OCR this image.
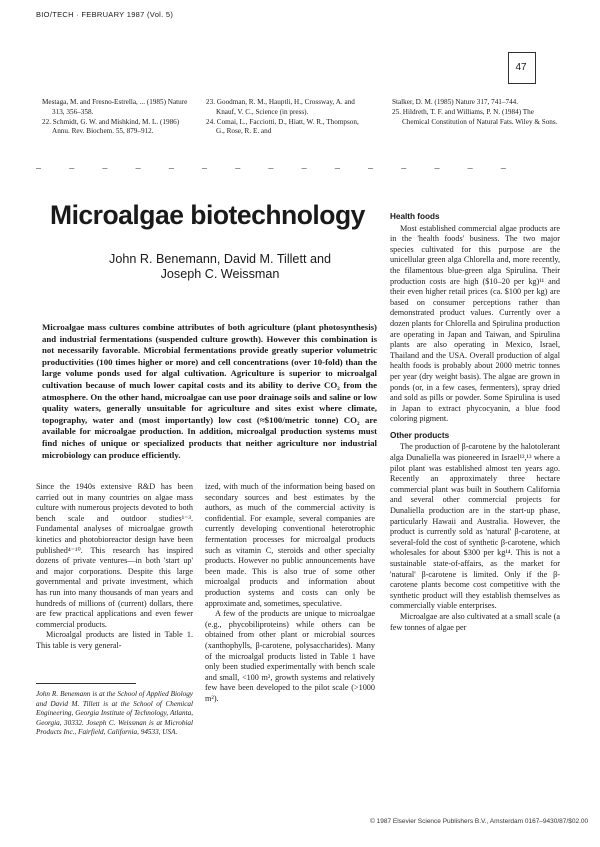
BIO/TECH · FEBRUARY 1987 (Vol. 5)
47
Mestaga, M. and Fresno-Estrella, ... (1985) Nature 313, 356–358.
22. Schmidt, G. W. and Mishkind, M. L. (1986) Annu. Rev. Biochem. 55, 879–912.
23. Goodman, R. M., Hauptli, H., Crossway, A. and Knauf, V. C., Science (in press).
24. Comai, L., Facciotti, D., Hiatt, W. R., Thompson, G., Rose, R. E. and
Stalker, D. M. (1985) Nature 317, 741–744.
25. Hildreth, T. F. and Williams, P. N. (1984) The Chemical Constitution of Natural Fats. Wiley & Sons.
–	–	–	–	–	–	–	–	–	–	–	–	–	–	–
Microalgae biotechnology
John R. Benemann, David M. Tillett and
Joseph C. Weissman
Microalgae mass cultures combine attributes of both agriculture (plant photosynthesis) and industrial fermentations (suspended culture growth). However this combination is not necessarily favorable. Microbial fermentations provide greatly superior volumetric productivities (100 times higher or more) and cell concentrations (over 10-fold) than the large volume ponds used for algal cultivation. Agriculture is superior to microalgal cultivation because of much lower capital costs and its ability to derive CO₂ from the atmosphere. On the other hand, microalgae can use poor drainage soils and saline or low quality waters, generally unsuitable for agriculture and sites exist where climate, topography, water and (most importantly) low cost (≈$100/metric tonne) CO₂ are available for microalgae production. In addition, microalgal production systems must find niches of unique or specialized products that neither agriculture nor industrial microbiology can produce efficiently.

Since the 1940s extensive R&D has been carried out in many countries on algae mass culture with numerous projects devoted to both bench scale and outdoor studies¹⁻³. Fundamental analyses of microalgae growth kinetics and photobioreactor design have been published⁴⁻¹⁰. This research has inspired dozens of private ventures—in both 'start up' and major corporations. Despite this large governmental and private investment, which has run into many thousands of man years and hundreds of millions of (current) dollars, there are few practical applications and even fewer commercial products.

Microalgal products are listed in Table 1. This table is very general-

John R. Benemann is at the School of Applied Biology and David M. Tillett is at the School of Chemical Engineering, Georgia Institute of Technology, Atlanta, Georgia, 30332. Joseph C. Weissman is at Microbial Products Inc., Fairfield, California, 94533, USA.

ized, with much of the information being based on secondary sources and best estimates by the authors, as much of the commercial activity is confidential. For example, several companies are currently developing conventional heterotrophic fermentation processes for microalgal products such as vitamin C, steroids and other specialty products. However no public announcements have been made. This is also true of some other microalgal products and information about production systems and costs can only be approximate and, sometimes, speculative.

A few of the products are unique to microalgae (e.g., phycobiliproteins) while others can be obtained from other plant or microbial sources (xanthophylls, β-carotene, polysaccharides). Many of the microalgal products listed in Table 1 have only been studied experimentally with bench scale and small, <100 m², growth systems and relatively few have been developed to the pilot scale (>1000 m²).

Health foods

Most established commercial algae products are in the 'health foods' business. The two major species cultivated for this purpose are the unicellular green alga Chlorella and, more recently, the filamentous blue-green alga Spirulina. Their production costs are high ($10–20 per kg)¹¹ and their even higher retail prices (ca. $100 per kg) are based on consumer perceptions rather than demonstrated product values. Currently over a dozen plants for Chlorella and Spirulina production are operating in Japan and Taiwan, and Spirulina plants are also operating in Mexico, Israel, Thailand and the USA. Overall production of algal health foods is probably about 2000 metric tonnes per year (dry weight basis). The algae are grown in ponds (or, in a few cases, fermenters), spray dried and sold as pills or powder. Some Spirulina is used in Japan to extract phycocyanin, a blue food coloring pigment.

Other products

The production of β-carotene by the halotolerant alga Dunaliella was pioneered in Israel¹²,¹³ where a pilot plant was established almost ten years ago. Recently an approximately three hectare commercial plant was built in Southern California and several other commercial projects for Dunaliella production are in the start-up phase, particularly Hawaii and Australia. However, the product is currently sold as 'natural' β-carotene, at several-fold the cost of synthetic β-carotene, which wholesales for about $300 per kg¹⁴. This is not a sustainable state-of-affairs, as the market for 'natural' β-carotene is limited. Only if the β-carotene plants become cost competitive with the synthetic product will they establish themselves as commercially viable enterprises.

Microalgae are also cultivated at a small scale (a few tonnes of algae per

© 1987 Elsevier Science Publishers B.V., Amsterdam 0167–9430/87/$02.00
